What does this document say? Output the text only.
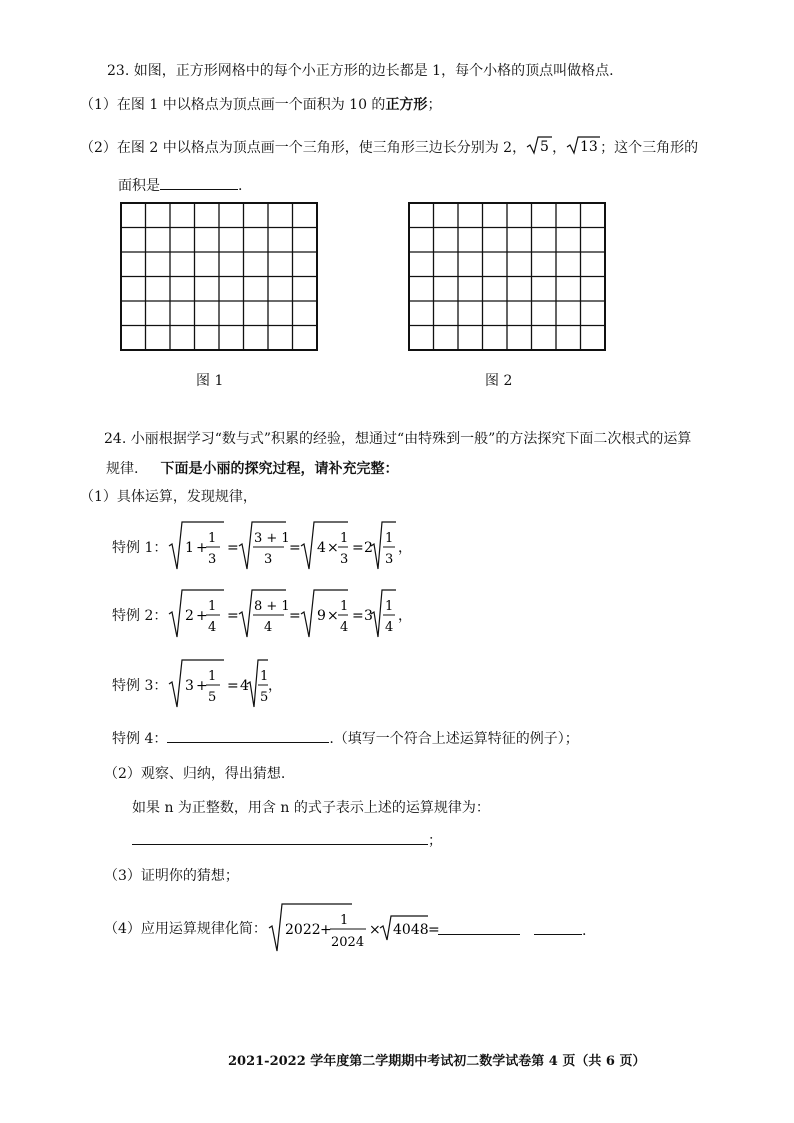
23. 如图，正方形网格中的每个小正方形的边长都是 1，每个小格的顶点叫做格点.
（1）在图 1 中以格点为顶点画一个面积为 10 的正方形；
（2）在图 2 中以格点为顶点画一个三角形，使三角形三边长分别为 2， 5 ， 13 ；这个三角形的
面积是	.
图 1	图 2
24. 小丽根据学习“数与式”积累的经验，想通过“由特殊到一般”的方法探究下面二次根式的运算
规律. 下面是小丽的探究过程，请补充完整：
（1）具体运算，发现规律，
特例 1： 1 +
1
3
=
3 + 1
3
= 4 ×
1
3
= 2
1
3
，
特例 2： 2 +
1
4
=
8 + 1
4
= 9 ×
1
4
= 3
1
4
，
特例 3： 3 +
1
5
= 4
1
5
，
特例 4：	.（填写一个符合上述运算特征的例子）；
（2）观察、归纳，得出猜想.
如果 n 为正整数，用含 n 的式子表示上述的运算规律为：
；
（3）证明你的猜想；
（4）应用运算规律化简： 2022 +
1
2024
× 4048 =	.
2021-2022 学年度第二学期期中考试初二数学试卷第 4 页（共 6 页）
